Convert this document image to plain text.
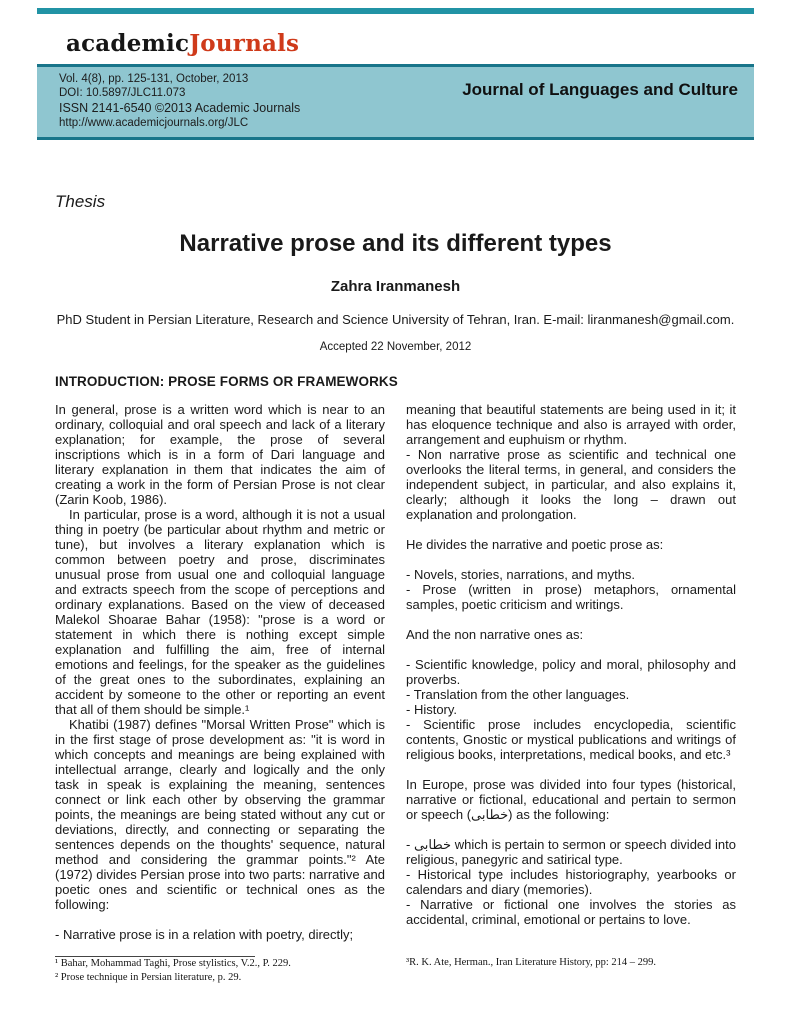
academicJournals
Vol. 4(8), pp. 125-131, October, 2013
DOI: 10.5897/JLC11.073
ISSN 2141-6540 ©2013 Academic Journals
http://www.academicjournals.org/JLC
Journal of Languages and Culture
Thesis
Narrative prose and its different types
Zahra Iranmanesh
PhD Student in Persian Literature, Research and Science University of Tehran, Iran. E-mail: liranmanesh@gmail.com.
Accepted 22 November, 2012
INTRODUCTION: PROSE FORMS OR FRAMEWORKS

In general, prose is a written word which is near to an ordinary, colloquial and oral speech and lack of a literary explanation; for example, the prose of several inscriptions which is in a form of Dari language and literary explanation in them that indicates the aim of creating a work in the form of Persian Prose is not clear (Zarin Koob, 1986).

In particular, prose is a word, although it is not a usual thing in poetry (be particular about rhythm and metric or tune), but involves a literary explanation which is common between poetry and prose, discriminates unusual prose from usual one and colloquial language and extracts speech from the scope of perceptions and ordinary explanations. Based on the view of deceased Malekol Shoarae Bahar (1958): "prose is a word or statement in which there is nothing except simple explanation and fulfilling the aim, free of internal emotions and feelings, for the speaker as the guidelines of the great ones to the subordinates, explaining an accident by someone to the other or reporting an event that all of them should be simple.¹

Khatibi (1987) defines "Morsal Written Prose" which is in the first stage of prose development as: "it is word in which concepts and meanings are being explained with intellectual arrange, clearly and logically and the only task in speak is explaining the meaning, sentences connect or link each other by observing the grammar points, the meanings are being stated without any cut or deviations, directly, and connecting or separating the sentences depends on the thoughts' sequence, natural method and considering the grammar points."² Ate (1972) divides Persian prose into two parts: narrative and poetic ones and scientific or technical ones as the following:

- Narrative prose is in a relation with poetry, directly;

meaning that beautiful statements are being used in it; it has eloquence technique and also is arrayed with order, arrangement and euphuism or rhythm.

- Non narrative prose as scientific and technical one overlooks the literal terms, in general, and considers the independent subject, in particular, and also explains it, clearly; although it looks the long – drawn out explanation and prolongation.

He divides the narrative and poetic prose as:

- Novels, stories, narrations, and myths.

- Prose (written in prose) metaphors, ornamental samples, poetic criticism and writings.

And the non narrative ones as:

- Scientific knowledge, policy and moral, philosophy and proverbs.

- Translation from the other languages.

- History.

- Scientific prose includes encyclopedia, scientific contents, Gnostic or mystical publications and writings of religious books, interpretations, medical books, and etc.³

In Europe, prose was divided into four types (historical, narrative or fictional, educational and pertain to sermon or speech (خطابی) as the following:

- خطابی which is pertain to sermon or speech divided into religious, panegyric and satirical type.

- Historical type includes historiography, yearbooks or calendars and diary (memories).

- Narrative or fictional one involves the stories as accidental, criminal, emotional or pertains to love.

¹ Bahar, Mohammad Taghi, Prose stylistics, V.2., P. 229.
² Prose technique in Persian literature, p. 29.
³R. K. Ate, Herman., Iran Literature History, pp: 214 – 299.
